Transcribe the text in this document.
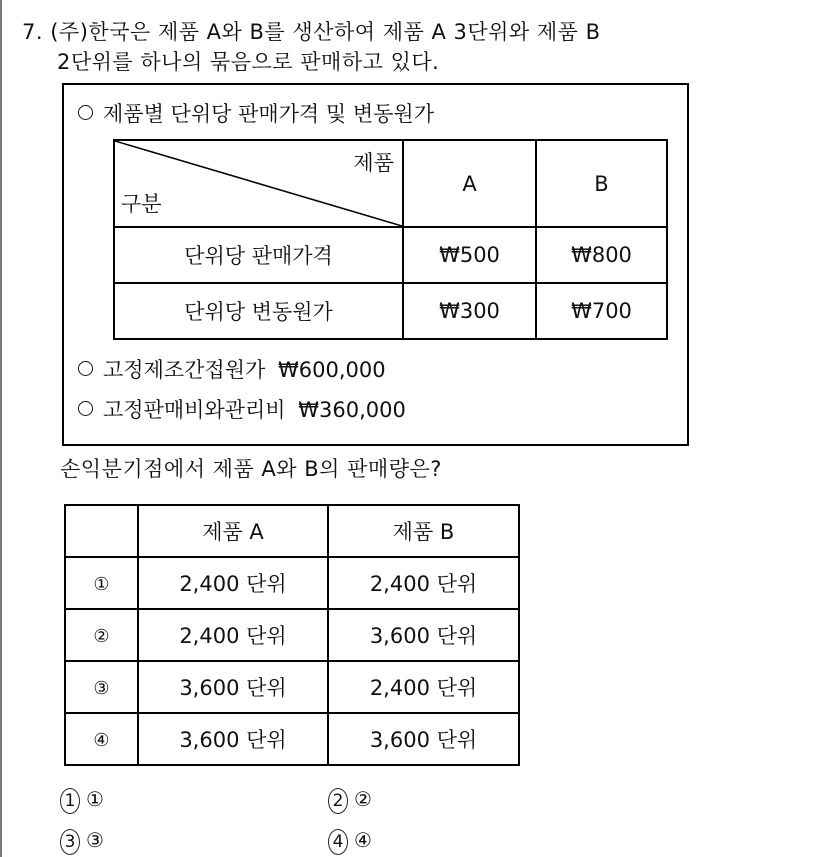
7. (주)한국은 제품 A와 B를 생산하여 제품 A 3단위와 제품 B
2단위를 하나의 묶음으로 판매하고 있다.
제품별 단위당 판매가격 및 변동원가
제품
구분	A	B
단위당 판매가격	₩500	₩800
단위당 변동원가	₩300	₩700
고정제조간접원가 ₩600,000
고정판매비와관리비 ₩360,000
손익분기점에서 제품 A와 B의 판매량은?
	제품 A	제품 B
①	2,400 단위	2,400 단위
②	2,400 단위	3,600 단위
③	3,600 단위	2,400 단위
④	3,600 단위	3,600 단위
1 ①	2 ②
3 ③	4 ④
